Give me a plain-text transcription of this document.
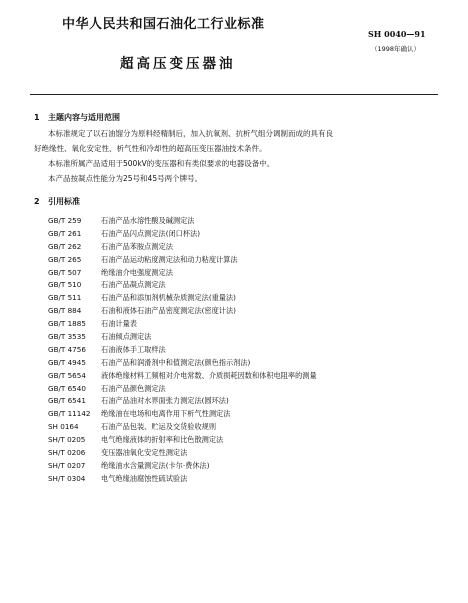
中华人民共和国石油化工行业标准
SH 0040—91
（1998年确认）
超高压变压器油
1 主题内容与适用范围
本标准规定了以石油馏分为原料经精制后，加入抗氧剂、抗析气组分调制而成的具有良
好绝缘性、氧化安定性、析气性和冷却性的超高压变压器油技术条件。
本标准所属产品适用于500kV的变压器和有类似要求的电器设备中。
本产品按凝点性能分为25号和45号两个牌号。
2 引用标准
GB/T 259	石油产品水溶性酸及碱测定法
GB/T 261	石油产品闪点测定法(闭口杯法)
GB/T 262	石油产品苯胺点测定法
GB/T 265	石油产品运动粘度测定法和动力粘度计算法
GB/T 507	绝缘油介电强度测定法
GB/T 510	石油产品凝点测定法
GB/T 511	石油产品和添加剂机械杂质测定法(重量法)
GB/T 884	石油和液体石油产品密度测定法(密度计法)
GB/T 1885 石油计量表
GB/T 3535 石油倾点测定法
GB/T 4756 石油液体手工取样法
GB/T 4945 石油产品和润滑剂中和值测定法(颜色指示剂法)
GB/T 5654 液体绝缘材料工频相对介电常数、介质损耗因数和体积电阻率的测量
GB/T 6540 石油产品颜色测定法
GB/T 6541 石油产品油对水界面张力测定法(圆环法)
GB/T 11142 绝缘油在电场和电离作用下析气性测定法
SH 0164	石油产品包装、贮运及交货验收规则
SH/T 0205 电气绝缘液体的折射率和比色散测定法
SH/T 0206 变压器油氧化安定性测定法
SH/T 0207 绝缘油水含量测定法(卡尔·费休法)
SH/T 0304 电气绝缘油腐蚀性硫试验法
